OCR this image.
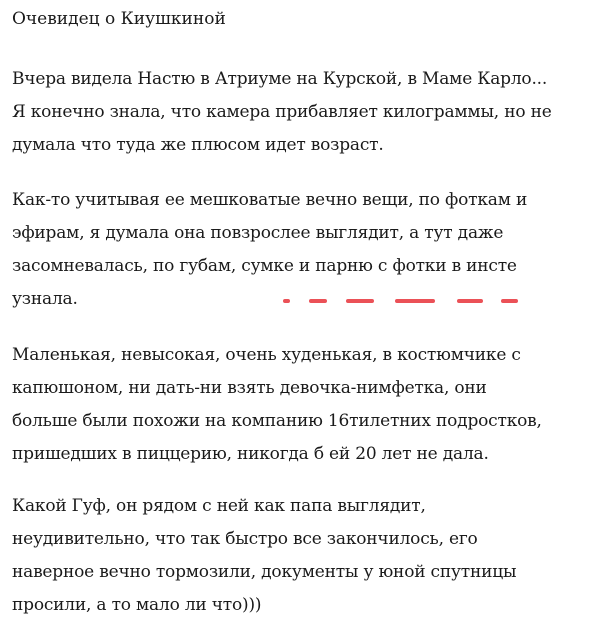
Очевидец о Киушкиной
Вчера видела Настю в Атриуме на Курской, в Маме Карло...
Я конечно знала, что камера прибавляет килограммы, но не
думала что туда же плюсом идет возраст.
Как-то учитывая ее мешковатые вечно вещи, по фоткам и
эфирам, я думала она повзрослее выглядит, а тут даже
засомневалась, по губам, сумке и парню с фотки в инсте
узнала.
Маленькая, невысокая, очень худенькая, в костюмчике с
капюшоном, ни дать-ни взять девочка-нимфетка, они
больше были похожи на компанию 16тилетних подростков,
пришедших в пиццерию, никогда б ей 20 лет не дала.
Какой Гуф, он рядом с ней как папа выглядит,
неудивительно, что так быстро все закончилось, его
наверное вечно тормозили, документы у юной спутницы
просили, а то мало ли что)))
